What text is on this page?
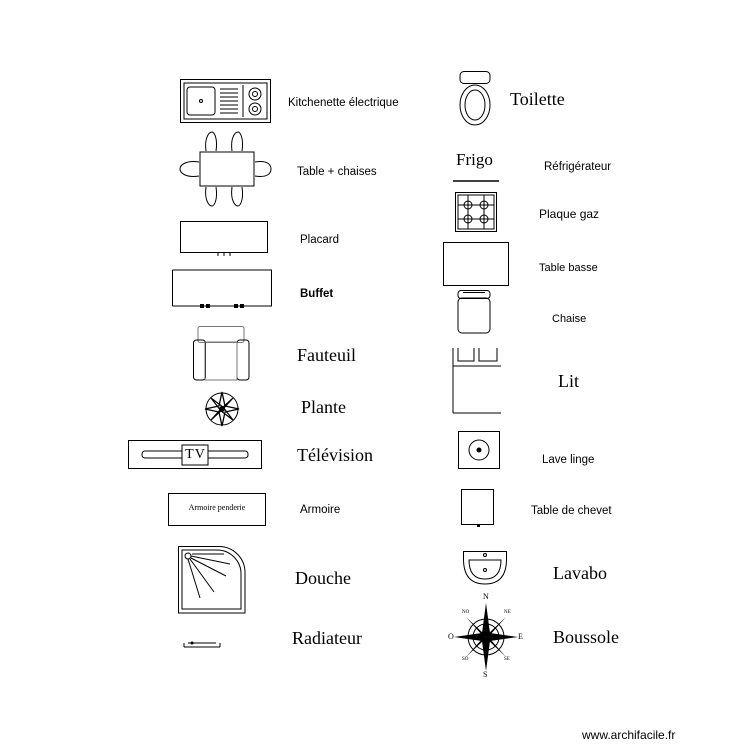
Kitchenette électrique
Table + chaises
Placard
Buffet
Fauteuil
Plante
TV	Télévision
Armoire penderie	Armoire
Douche
Radiateur
Toilette
Frigo	Réfrigérateur
Plaque gaz
Table basse
Chaise
Lit
Lave linge
Table de chevet
Lavabo
N
S
E
O
NE
NO
SE
SO
Boussole
www.archifacile.fr
